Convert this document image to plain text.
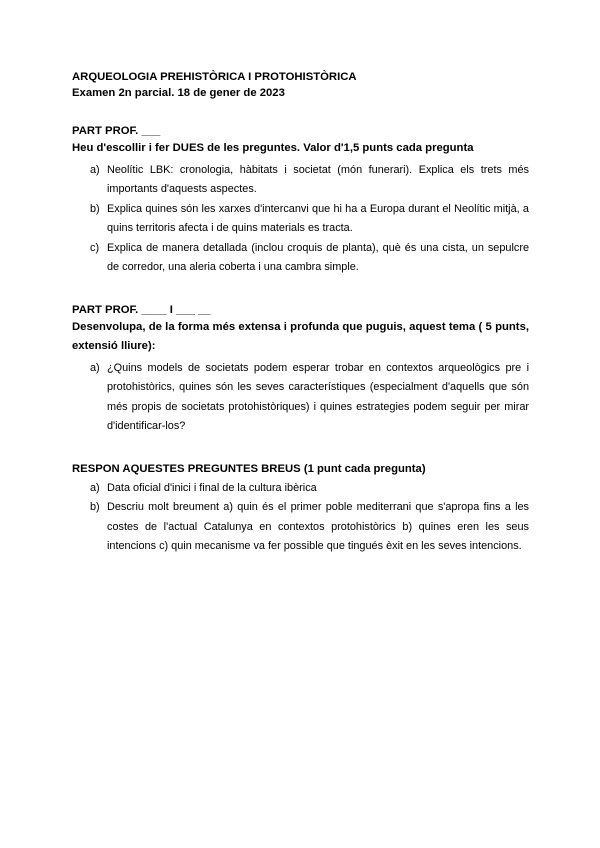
ARQUEOLOGIA PREHISTÒRICA I PROTOHISTÒRICA

Examen 2n parcial. 18 de gener de 2023

PART PROF. ___

Heu d'escollir i fer DUES de les preguntes. Valor d'1,5 punts cada pregunta

a) Neolític LBK: cronologia, hàbitats i societat (món funerari). Explica els trets més importants d'aquests aspectes.
b) Explica quines són les xarxes d'intercanvi que hi ha a Europa durant el Neolític mitjà, a quins territoris afecta i de quins materials es tracta.
c) Explica de manera detallada (inclou croquis de planta), què és una cista, un sepulcre de corredor, una aleria coberta i una cambra simple.

PART PROF. ____ I ___ __

Desenvolupa, de la forma més extensa i profunda que puguis, aquest tema ( 5 punts, extensió lliure):

a) ¿Quins models de societats podem esperar trobar en contextos arqueològics pre i protohistòrics, quines són les seves característiques (especialment d'aquells que són més propis de societats protohistòriques) i quines estrategies podem seguir per mirar d'identificar-los?

RESPON AQUESTES PREGUNTES BREUS (1 punt cada pregunta)

a) Data oficial d'inici i final de la cultura ibèrica
b) Descriu molt breument a) quin és el primer poble mediterrani que s'apropa fins a les costes de l'actual Catalunya en contextos protohistòrics b) quines eren les seus intencions c) quin mecanisme va fer possible que tingués èxit en les seves intencions.
